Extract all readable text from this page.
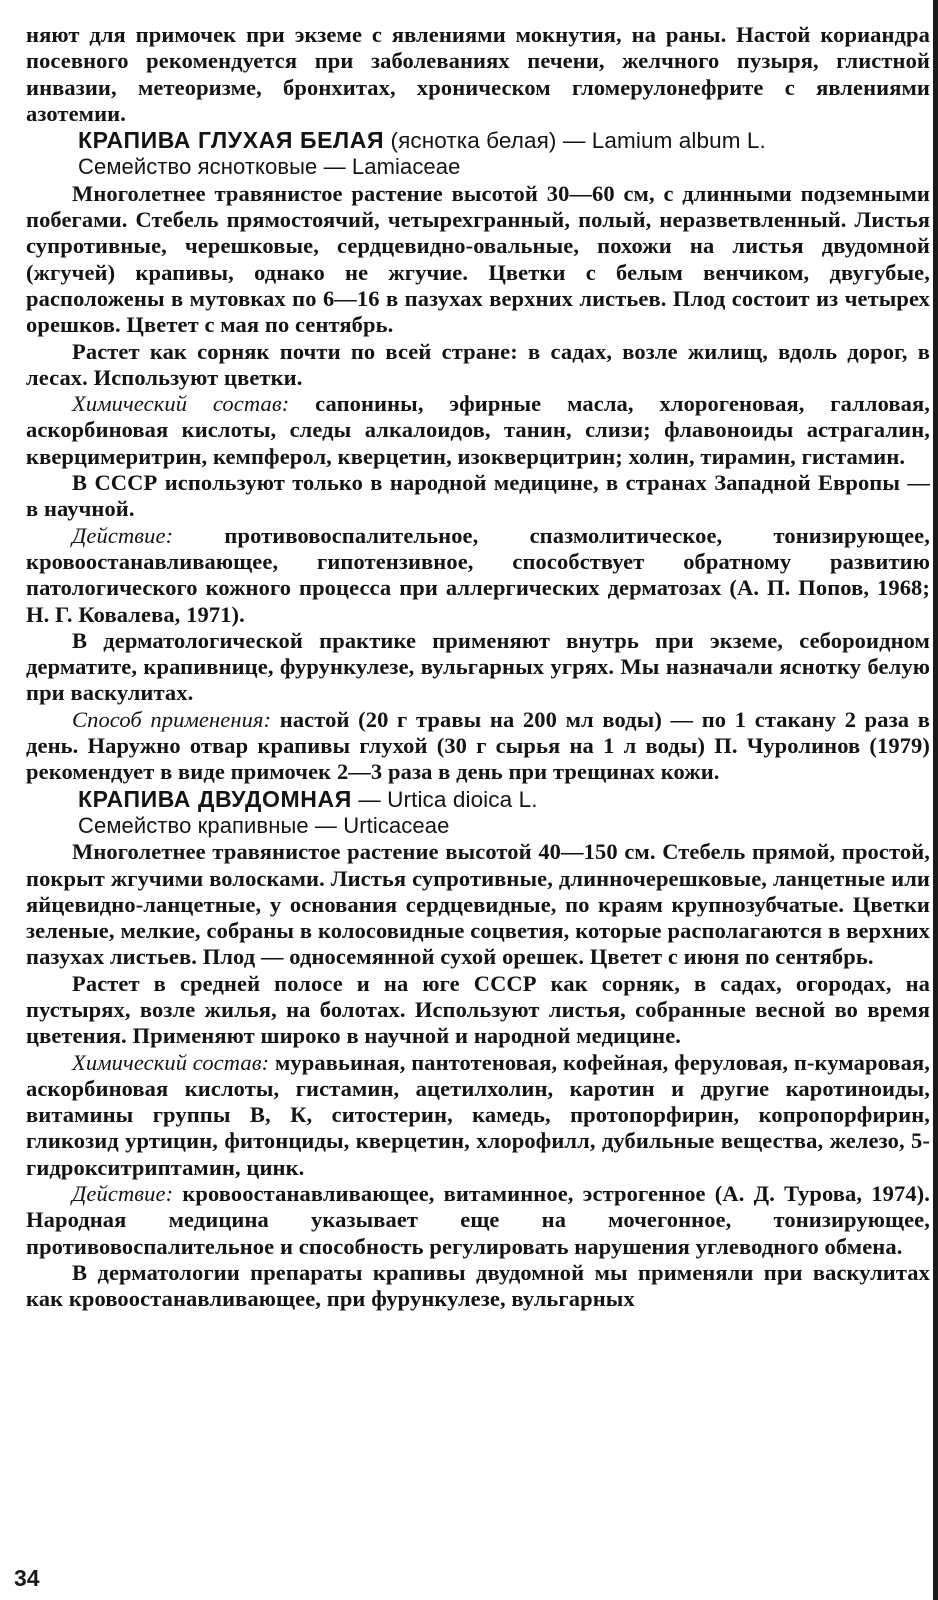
няют для примочек при экземе с явлениями мокнутия, на раны. Настой кориандра посевного рекомендуется при заболеваниях печени, желчного пузыря, глистной инвазии, метеоризме, бронхитах, хроническом гломерулонефрите с явлениями азотемии.

КРАПИВА ГЛУХАЯ БЕЛАЯ (яснотка белая) — Lamium album L.

Семейство яснотковые — Lamiaceae

Многолетнее травянистое растение высотой 30—60 см, с длинными подземными побегами. Стебель прямостоячий, четырехгранный, полый, неразветвленный. Листья супротивные, черешковые, сердцевидно-овальные, похожи на листья двудомной (жгучей) крапивы, однако не жгучие. Цветки с белым венчиком, двугубые, расположены в мутовках по 6—16 в пазухах верхних листьев. Плод состоит из четырех орешков. Цветет с мая по сентябрь.

Растет как сорняк почти по всей стране: в садах, возле жилищ, вдоль дорог, в лесах. Используют цветки.

Химический состав: сапонины, эфирные масла, хлорогеновая, галловая, аскорбиновая кислоты, следы алкалоидов, танин, слизи; флавоноиды астрагалин, кверцимеритрин, кемпферол, кверцетин, изокверцитрин; холин, тирамин, гистамин.

В СССР используют только в народной медицине, в странах Западной Европы — в научной.

Действие: противовоспалительное, спазмолитическое, тонизирующее, кровоостанавливающее, гипотензивное, способствует обратному развитию патологического кожного процесса при аллергических дерматозах (А. П. Попов, 1968; Н. Г. Ковалева, 1971).

В дерматологической практике применяют внутрь при экземе, себороидном дерматите, крапивнице, фурункулезе, вульгарных угрях. Мы назначали яснотку белую при васкулитах.

Способ применения: настой (20 г травы на 200 мл воды) — по 1 стакану 2 раза в день. Наружно отвар крапивы глухой (30 г сырья на 1 л воды) П. Чуролинов (1979) рекомендует в виде примочек 2—3 раза в день при трещинах кожи.

КРАПИВА ДВУДОМНАЯ — Urtica dioica L.

Семейство крапивные — Urticaceae

Многолетнее травянистое растение высотой 40—150 см. Стебель прямой, простой, покрыт жгучими волосками. Листья супротивные, длинночерешковые, ланцетные или яйцевидно-ланцетные, у основания сердцевидные, по краям крупнозубчатые. Цветки зеленые, мелкие, собраны в колосовидные соцветия, которые располагаются в верхних пазухах листьев. Плод — односемянной сухой орешек. Цветет с июня по сентябрь.

Растет в средней полосе и на юге СССР как сорняк, в садах, огородах, на пустырях, возле жилья, на болотах. Используют листья, собранные весной во время цветения. Применяют широко в научной и народной медицине.

Химический состав: муравьиная, пантотеновая, кофейная, феруловая, п-кумаровая, аскорбиновая кислоты, гистамин, ацетилхолин, каротин и другие каротиноиды, витамины группы В, К, ситостерин, камедь, протопорфирин, копропорфирин, гликозид уртицин, фитонциды, кверцетин, хлорофилл, дубильные вещества, железо, 5-гидрокситриптамин, цинк.

Действие: кровоостанавливающее, витаминное, эстрогенное (А. Д. Турова, 1974). Народная медицина указывает еще на мочегонное, тонизирующее, противовоспалительное и способность регулировать нарушения углеводного обмена.

В дерматологии препараты крапивы двудомной мы применяли при васкулитах как кровоостанавливающее, при фурункулезе, вульгарных

34
